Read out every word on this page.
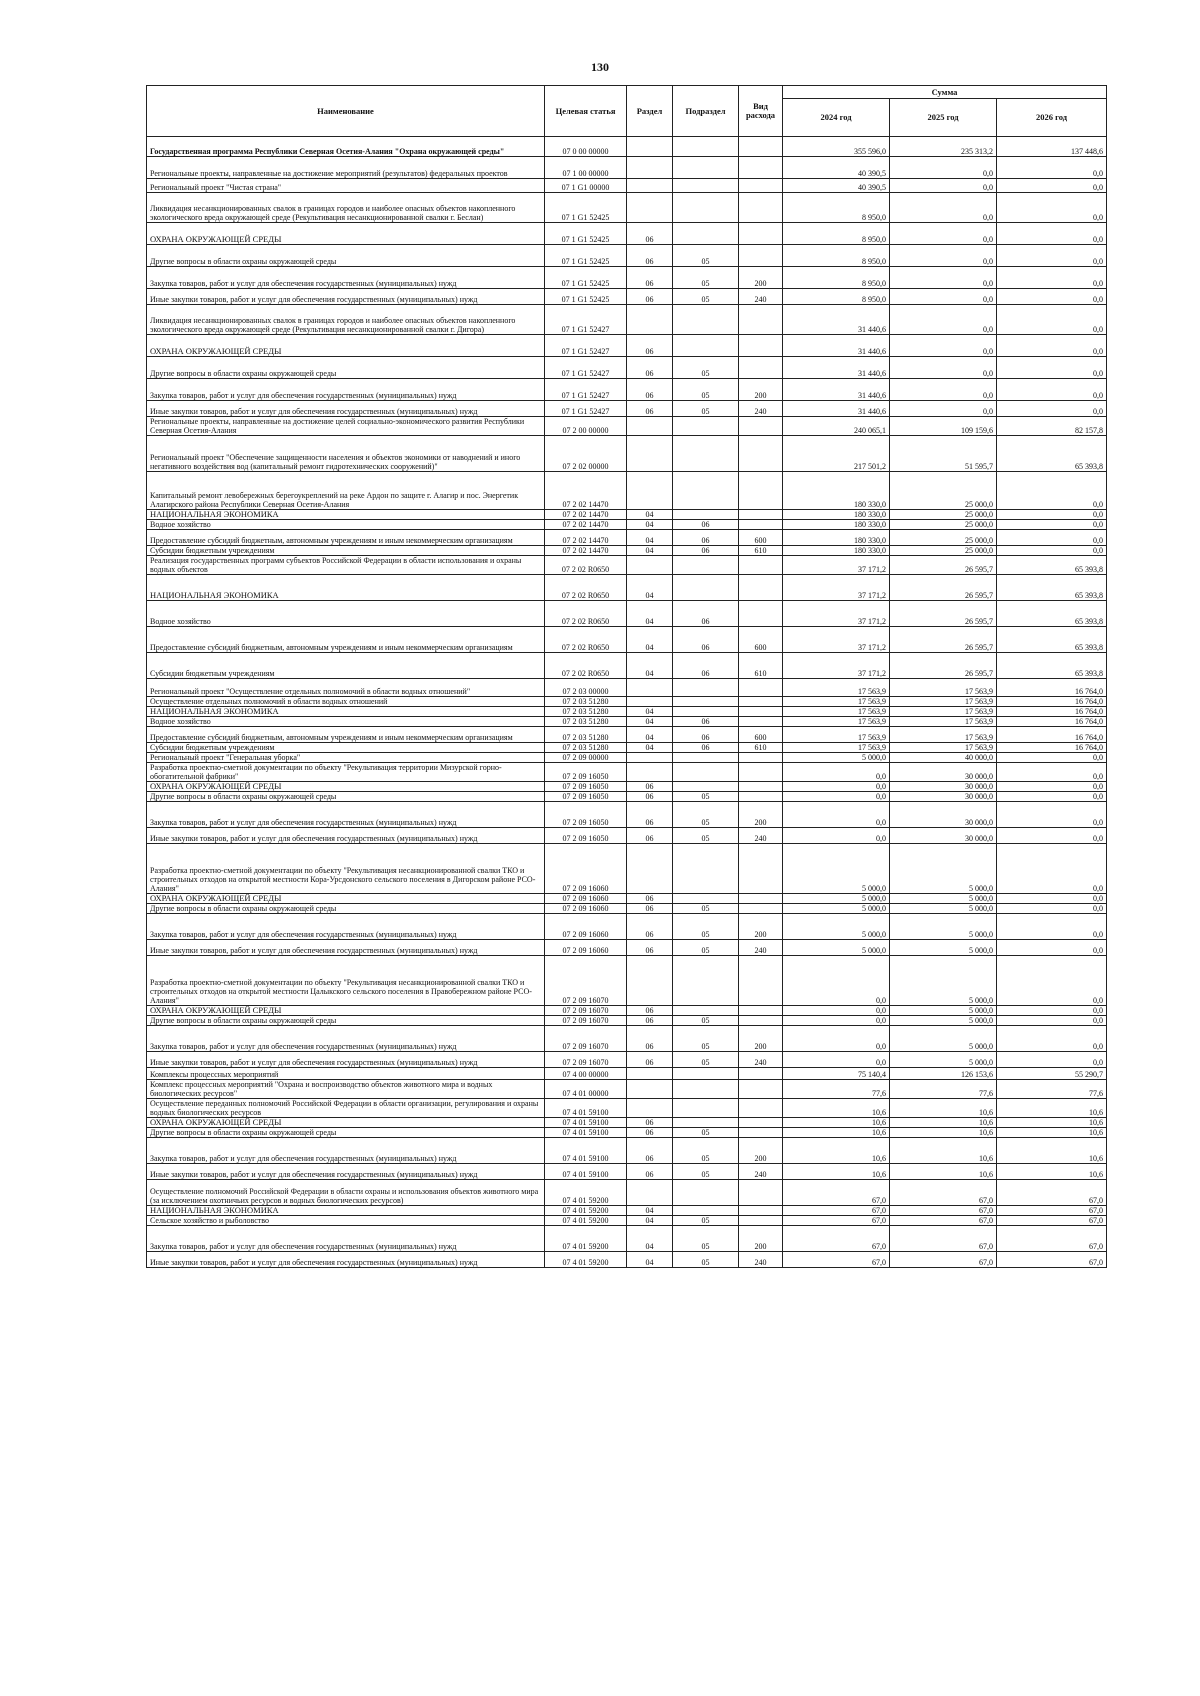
130
Наименование	Целевая статья	Раздел	Подраздел	Вид расхода	Сумма		
					2024 год	2025 год	2026 год
Государственная программа Республики Северная Осетия-Алания "Охрана окружающей среды"	07 0 00 00000				355 596,0	235 313,2	137 448,6
Региональные проекты, направленные на достижение мероприятий (результатов) федеральных проектов	07 1 00 00000				40 390,5	0,0	0,0
Региональный проект "Чистая страна"	07 1 G1 00000				40 390,5	0,0	0,0
Ликвидация несанкционированных свалок в границах городов и наиболее опасных объектов накопленного экологического вреда окружающей среде (Рекультивация несанкционированной свалки г. Беслан)	07 1 G1 52425				8 950,0	0,0	0,0
ОХРАНА ОКРУЖАЮЩЕЙ СРЕДЫ	07 1 G1 52425	06			8 950,0	0,0	0,0
Другие вопросы в области охраны окружающей среды	07 1 G1 52425	06	05		8 950,0	0,0	0,0
Закупка товаров, работ и услуг для обеспечения государственных (муниципальных) нужд	07 1 G1 52425	06	05	200	8 950,0	0,0	0,0
Иные закупки товаров, работ и услуг для обеспечения государственных (муниципальных) нужд	07 1 G1 52425	06	05	240	8 950,0	0,0	0,0
Ликвидация несанкционированных свалок в границах городов и наиболее опасных объектов накопленного экологического вреда окружающей среде (Рекультивация несанкционированной свалки г. Дигора)	07 1 G1 52427				31 440,6	0,0	0,0
ОХРАНА ОКРУЖАЮЩЕЙ СРЕДЫ	07 1 G1 52427	06			31 440,6	0,0	0,0
Другие вопросы в области охраны окружающей среды	07 1 G1 52427	06	05		31 440,6	0,0	0,0
Закупка товаров, работ и услуг для обеспечения государственных (муниципальных) нужд	07 1 G1 52427	06	05	200	31 440,6	0,0	0,0
Иные закупки товаров, работ и услуг для обеспечения государственных (муниципальных) нужд	07 1 G1 52427	06	05	240	31 440,6	0,0	0,0
Региональные проекты, направленные на достижение целей социально-экономического развития Республики Северная Осетия-Алания	07 2 00 00000				240 065,1	109 159,6	82 157,8
Региональный проект "Обеспечение защищенности населения и объектов экономики от наводнений и иного негативного воздействия вод (капитальный ремонт гидротехнических сооружений)"	07 2 02 00000				217 501,2	51 595,7	65 393,8
Капитальный ремонт левобережных берегоукреплений на реке Ардон по защите г. Алагир и пос. Энергетик Алагирского района Республики Северная Осетия-Алания	07 2 02 14470				180 330,0	25 000,0	0,0
НАЦИОНАЛЬНАЯ ЭКОНОМИКА	07 2 02 14470	04			180 330,0	25 000,0	0,0
Водное хозяйство	07 2 02 14470	04	06		180 330,0	25 000,0	0,0
Предоставление субсидий бюджетным, автономным учреждениям и иным некоммерческим организациям	07 2 02 14470	04	06	600	180 330,0	25 000,0	0,0
Субсидии бюджетным учреждениям	07 2 02 14470	04	06	610	180 330,0	25 000,0	0,0
Реализация государственных программ субъектов Российской Федерации в области использования и охраны водных объектов	07 2 02 R0650				37 171,2	26 595,7	65 393,8
НАЦИОНАЛЬНАЯ ЭКОНОМИКА	07 2 02 R0650	04			37 171,2	26 595,7	65 393,8
Водное хозяйство	07 2 02 R0650	04	06		37 171,2	26 595,7	65 393,8
Предоставление субсидий бюджетным, автономным учреждениям и иным некоммерческим организациям	07 2 02 R0650	04	06	600	37 171,2	26 595,7	65 393,8
Субсидии бюджетным учреждениям	07 2 02 R0650	04	06	610	37 171,2	26 595,7	65 393,8
Региональный проект "Осуществление отдельных полномочий в области водных отношений"	07 2 03 00000				17 563,9	17 563,9	16 764,0
Осуществление отдельных полномочий в области водных отношений	07 2 03 51280				17 563,9	17 563,9	16 764,0
НАЦИОНАЛЬНАЯ ЭКОНОМИКА	07 2 03 51280	04			17 563,9	17 563,9	16 764,0
Водное хозяйство	07 2 03 51280	04	06		17 563,9	17 563,9	16 764,0
Предоставление субсидий бюджетным, автономным учреждениям и иным некоммерческим организациям	07 2 03 51280	04	06	600	17 563,9	17 563,9	16 764,0
Субсидии бюджетным учреждениям	07 2 03 51280	04	06	610	17 563,9	17 563,9	16 764,0
Региональный проект "Генеральная уборка"	07 2 09 00000				5 000,0	40 000,0	0,0
Разработка проектно-сметной документации по объекту "Рекультивация территории Мизурской горно-обогатительной фабрики"	07 2 09 16050				0,0	30 000,0	0,0
ОХРАНА ОКРУЖАЮЩЕЙ СРЕДЫ	07 2 09 16050	06			0,0	30 000,0	0,0
Другие вопросы в области охраны окружающей среды	07 2 09 16050	06	05		0,0	30 000,0	0,0
Закупка товаров, работ и услуг для обеспечения государственных (муниципальных) нужд	07 2 09 16050	06	05	200	0,0	30 000,0	0,0
Иные закупки товаров, работ и услуг для обеспечения государственных (муниципальных) нужд	07 2 09 16050	06	05	240	0,0	30 000,0	0,0
Разработка проектно-сметной документации по объекту "Рекультивация несанкционированной свалки ТКО и строительных отходов на открытой местности Кора-Урсдонского сельского поселения в Дигорском районе РСО-Алания"	07 2 09 16060				5 000,0	5 000,0	0,0
ОХРАНА ОКРУЖАЮЩЕЙ СРЕДЫ	07 2 09 16060	06			5 000,0	5 000,0	0,0
Другие вопросы в области охраны окружающей среды	07 2 09 16060	06	05		5 000,0	5 000,0	0,0
Закупка товаров, работ и услуг для обеспечения государственных (муниципальных) нужд	07 2 09 16060	06	05	200	5 000,0	5 000,0	0,0
Иные закупки товаров, работ и услуг для обеспечения государственных (муниципальных) нужд	07 2 09 16060	06	05	240	5 000,0	5 000,0	0,0
Разработка проектно-сметной документации по объекту "Рекультивация несанкционированной свалки ТКО и строительных отходов на открытой местности Цалыкского сельского поселения в Правобережном районе РСО-Алания"	07 2 09 16070				0,0	5 000,0	0,0
ОХРАНА ОКРУЖАЮЩЕЙ СРЕДЫ	07 2 09 16070	06			0,0	5 000,0	0,0
Другие вопросы в области охраны окружающей среды	07 2 09 16070	06	05		0,0	5 000,0	0,0
Закупка товаров, работ и услуг для обеспечения государственных (муниципальных) нужд	07 2 09 16070	06	05	200	0,0	5 000,0	0,0
Иные закупки товаров, работ и услуг для обеспечения государственных (муниципальных) нужд	07 2 09 16070	06	05	240	0,0	5 000,0	0,0
Комплексы процессных мероприятий	07 4 00 00000				75 140,4	126 153,6	55 290,7
Комплекс процессных мероприятий "Охрана и воспроизводство объектов животного мира и водных биологических ресурсов"	07 4 01 00000				77,6	77,6	77,6
Осуществление переданных полномочий Российской Федерации в области организации, регулирования и охраны водных биологических ресурсов	07 4 01 59100				10,6	10,6	10,6
ОХРАНА ОКРУЖАЮЩЕЙ СРЕДЫ	07 4 01 59100	06			10,6	10,6	10,6
Другие вопросы в области охраны окружающей среды	07 4 01 59100	06	05		10,6	10,6	10,6
Закупка товаров, работ и услуг для обеспечения государственных (муниципальных) нужд	07 4 01 59100	06	05	200	10,6	10,6	10,6
Иные закупки товаров, работ и услуг для обеспечения государственных (муниципальных) нужд	07 4 01 59100	06	05	240	10,6	10,6	10,6
Осуществление полномочий Российской Федерации в области охраны и использования объектов животного мира (за исключением охотничьих ресурсов и водных биологических ресурсов)	07 4 01 59200				67,0	67,0	67,0
НАЦИОНАЛЬНАЯ ЭКОНОМИКА	07 4 01 59200	04			67,0	67,0	67,0
Сельское хозяйство и рыболовство	07 4 01 59200	04	05		67,0	67,0	67,0
Закупка товаров, работ и услуг для обеспечения государственных (муниципальных) нужд	07 4 01 59200	04	05	200	67,0	67,0	67,0
Иные закупки товаров, работ и услуг для обеспечения государственных (муниципальных) нужд	07 4 01 59200	04	05	240	67,0	67,0	67,0
